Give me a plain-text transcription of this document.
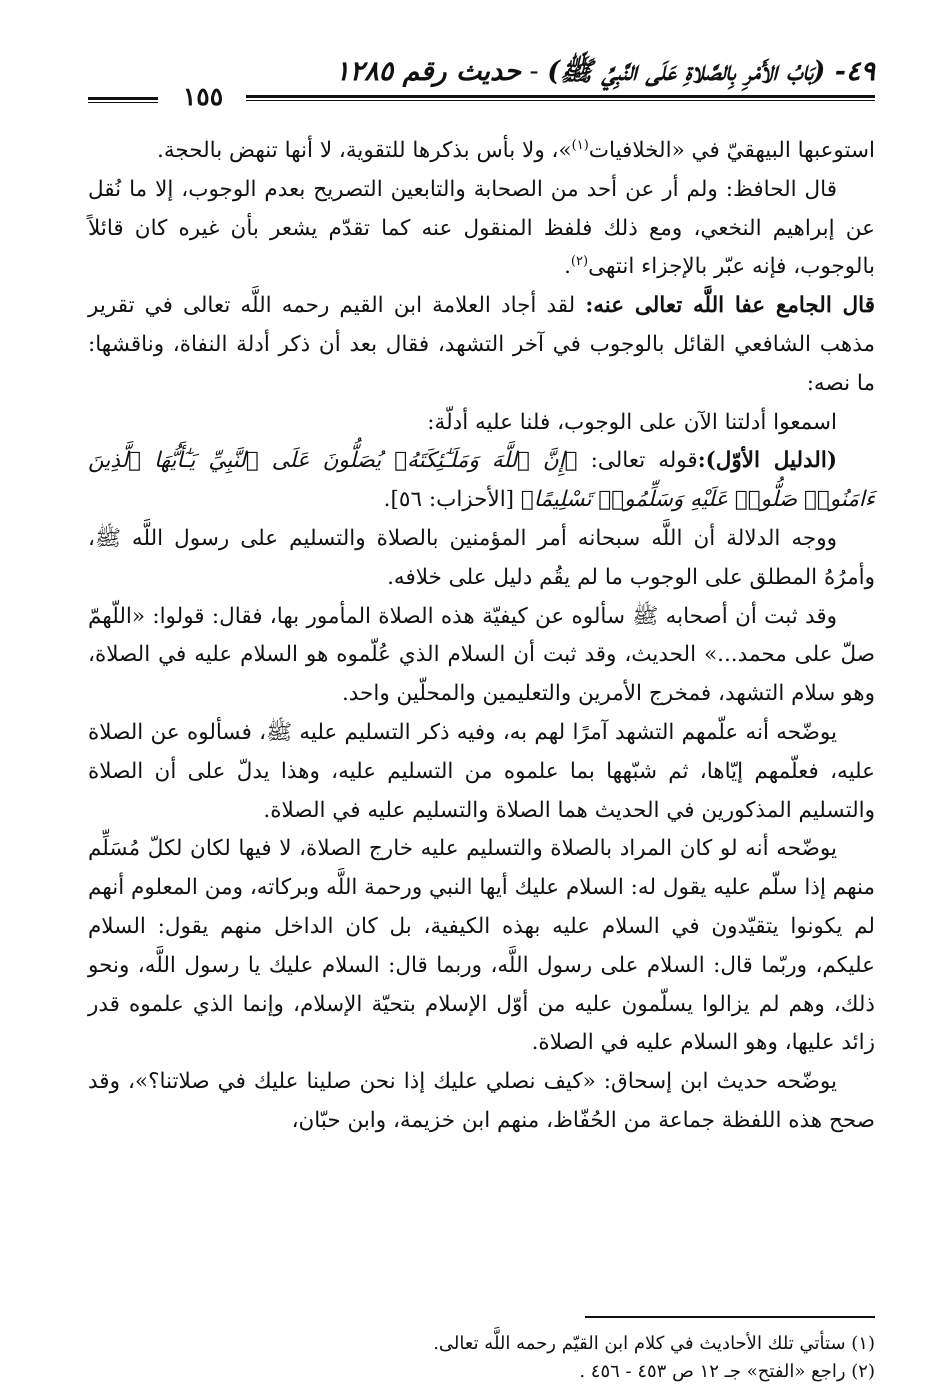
٤٩- (بَابُ الأَمْرِ بِالصَّلاةِ عَلَى النَّبِيِّ ﷺ) - حديث رقم ١٢٨٥
١٥٥

استوعبها البيهقيّ في «الخلافيات$^{(١)}$»، ولا بأس بذكرها للتقوية، لا أنها تنهض بالحجة.

قال الحافظ: ولم أر عن أحد من الصحابة والتابعين التصريح بعدم الوجوب، إلا ما نُقل عن إبراهيم النخعي، ومع ذلك فلفظ المنقول عنه كما تقدّم يشعر بأن غيره كان قائلاً بالوجوب، فإنه عبّر بالإجزاء انتهى$^{(٢)}$.

قال الجامع عفا اللَّه تعالى عنه: لقد أجاد العلامة ابن القيم رحمه اللَّه تعالى في تقرير مذهب الشافعي القائل بالوجوب في آخر التشهد، فقال بعد أن ذكر أدلة النفاة، وناقشها: ما نصه:

اسمعوا أدلتنا الآن على الوجوب، فلنا عليه أدلّة:

(الدليل الأوّل):قوله تعالى: ﴿إِنَّ ٱللَّهَ وَمَلَـٰٓئِكَتَهُۥ يُصَلُّونَ عَلَى ٱلنَّبِيِّ يَـٰٓأَيُّهَا ٱلَّذِينَ ءَامَنُوا۟ صَلُّوا۟ عَلَيْهِ وَسَلِّمُوا۟ تَسْلِيمًا﴾ [الأحزاب: ٥٦].

ووجه الدلالة أن اللَّه سبحانه أمر المؤمنين بالصلاة والتسليم على رسول اللَّه ﷺ، وأمرُهُ المطلق على الوجوب ما لم يقُم دليل على خلافه.

وقد ثبت أن أصحابه ﷺ سألوه عن كيفيّة هذه الصلاة المأمور بها، فقال: قولوا: «اللّهمّ صلّ على محمد...» الحديث، وقد ثبت أن السلام الذي عُلّموه هو السلام عليه في الصلاة، وهو سلام التشهد، فمخرج الأمرين والتعليمين والمحلّين واحد.

يوضّحه أنه علّمهم التشهد آمرًا لهم به، وفيه ذكر التسليم عليه ﷺ، فسألوه عن الصلاة عليه، فعلّمهم إيّاها، ثم شبّهها بما علموه من التسليم عليه، وهذا يدلّ على أن الصلاة والتسليم المذكورين في الحديث هما الصلاة والتسليم عليه في الصلاة.

يوضّحه أنه لو كان المراد بالصلاة والتسليم عليه خارج الصلاة، لا فيها لكان لكلّ مُسَلِّم منهم إذا سلّم عليه يقول له: السلام عليك أيها النبي ورحمة اللَّه وبركاته، ومن المعلوم أنهم لم يكونوا يتقيّدون في السلام عليه بهذه الكيفية، بل كان الداخل منهم يقول: السلام عليكم، وربّما قال: السلام على رسول اللَّه، وربما قال: السلام عليك يا رسول اللَّه، ونحو ذلك، وهم لم يزالوا يسلّمون عليه من أوّل الإسلام بتحيّة الإسلام، وإنما الذي علموه قدر زائد عليها، وهو السلام عليه في الصلاة.

يوضّحه حديث ابن إسحاق: «كيف نصلي عليك إذا نحن صلينا عليك في صلاتنا؟»، وقد صحح هذه اللفظة جماعة من الحُفّاظ، منهم ابن خزيمة، وابن حبّان،

(١) ستأتي تلك الأحاديث في كلام ابن القيّم رحمه اللَّه تعالى.

(٢) راجع «الفتح» جـ ١٢ ص ٤٥٣ - ٤٥٦ .
